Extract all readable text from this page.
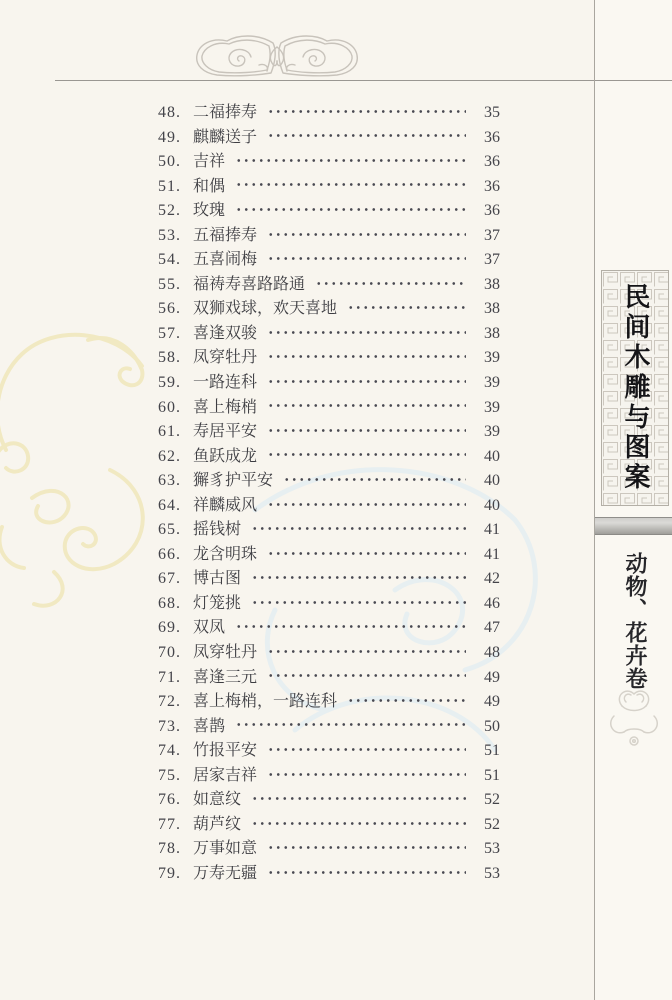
48. 二福捧寿	35
49. 麒麟送子	36
50. 吉祥	36
51. 和偶	36
52. 玫瑰	36
53. 五福捧寿	37
54. 五喜闹梅	37
55. 福祷寿喜路路通	38
56. 双狮戏球，欢天喜地	38
57. 喜逢双骏	38
58. 凤穿牡丹	39
59. 一路连科	39
60. 喜上梅梢	39
61. 寿居平安	39
62. 鱼跃成龙	40
63. 獬豸护平安	40
64. 祥麟威风	40
65. 摇钱树	41
66. 龙含明珠	41
67. 博古图	42
68. 灯笼挑	46
69. 双凤	47
70. 凤穿牡丹	48
71. 喜逢三元	49
72. 喜上梅梢，一路连科	49
73. 喜鹊	50
74. 竹报平安	51
75. 居家吉祥	51
76. 如意纹	52
77. 葫芦纹	52
78. 万事如意	53
79. 万寿无疆	53
民间木雕与图案
动物、花卉卷
